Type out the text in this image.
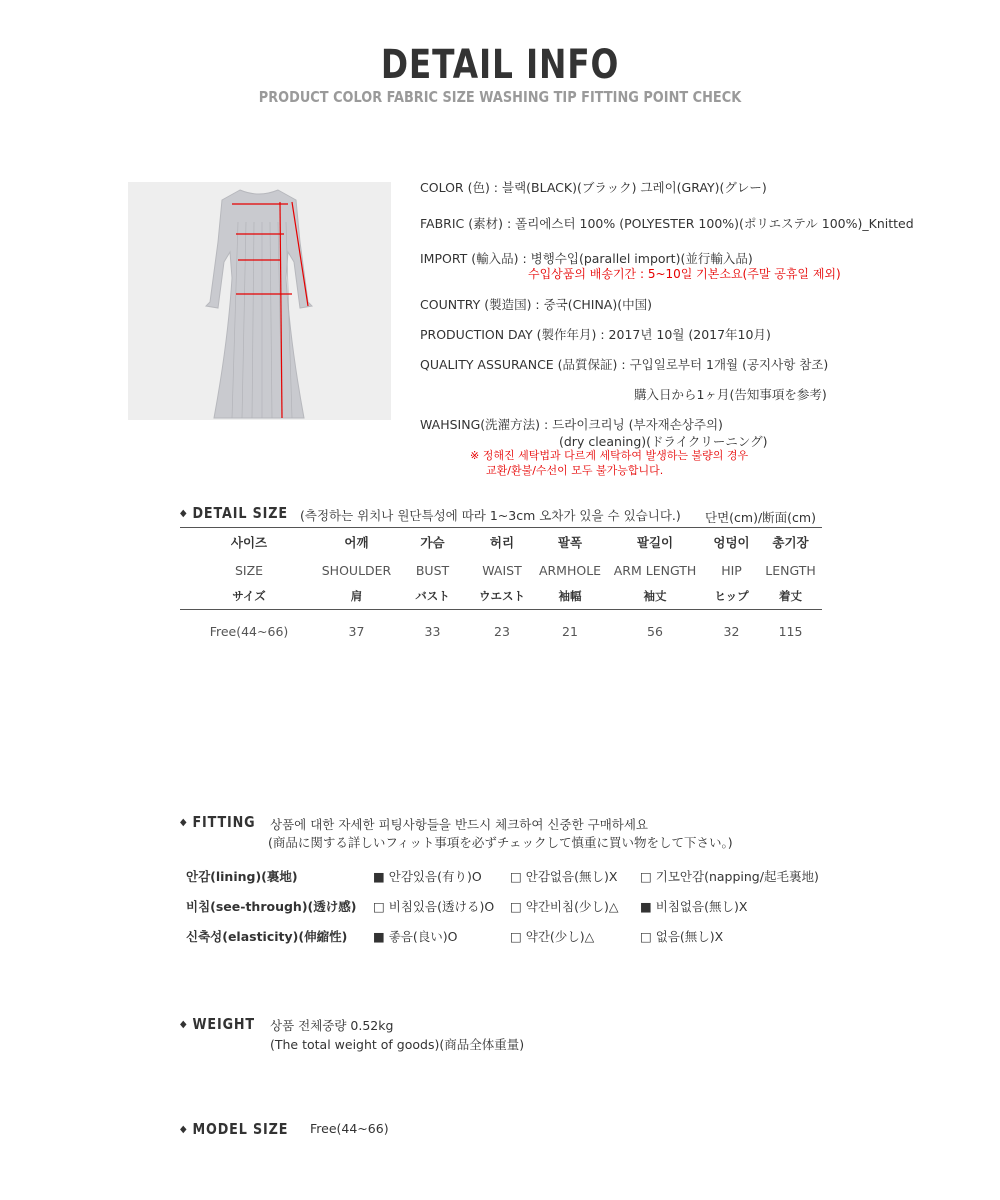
DETAIL INFO
PRODUCT COLOR FABRIC SIZE WASHING TIP FITTING POINT CHECK
COLOR (色) : 블랙(BLACK)(ブラック) 그레이(GRAY)(グレー)
FABRIC (素材) : 폴리에스터 100% (POLYESTER 100%)(ポリエステル 100%)_Knitted
IMPORT (輸入品) : 병행수입(parallel import)(並行輸入品)
수입상품의 배송기간 : 5~10일 기본소요(주말 공휴일 제외)
COUNTRY (製造国) : 중국(CHINA)(中国)
PRODUCTION DAY (製作年月) : 2017년 10월 (2017年10月)
QUALITY ASSURANCE (品質保証) : 구입일로부터 1개월 (공지사항 참조)
購入日から1ヶ月(告知事項を参考)
WAHSING(洗濯方法) : 드라이크리닝 (부자재손상주의)
(dry cleaning)(ドライクリーニング)
※ 정해진 세탁법과 다르게 세탁하여 발생하는 불량의 경우
교환/환불/수선이 모두 불가능합니다.
◆ DETAIL SIZE (측정하는 위치나 원단특성에 따라 1~3cm 오차가 있을 수 있습니다.) 단면(cm)/断面(cm)
사이즈	어깨	가슴	허리	팔폭	팔길이	엉덩이	총기장
SIZE	SHOULDER	BUST	WAIST	ARMHOLE	ARM LENGTH	HIP	LENGTH
サイズ	肩	バスト	ウエスト	袖幅	袖丈	ヒップ	着丈
Free(44~66)	37	33	23	21	56	32	115
◆ FITTING 상품에 대한 자세한 피팅사항들을 반드시 체크하여 신중한 구매하세요
(商品に関する詳しいフィット事項を必ずチェックして慎重に買い物をして下さい。)
안감(lining)(裏地)	■ 안감있음(有り)O □ 안감없음(無し)X □ 기모안감(napping/起毛裏地)
비침(see-through)(透け感) □ 비침있음(透ける)O □ 약간비침(少し)△ ■ 비침없음(無し)X
신축성(elasticity)(伸縮性) ■ 좋음(良い)O	□ 약간(少し)△	□ 없음(無し)X
◆ WEIGHT 상품 전체중량 0.52kg
(The total weight of goods)(商品全体重量)
◆ MODEL SIZE Free(44~66)
